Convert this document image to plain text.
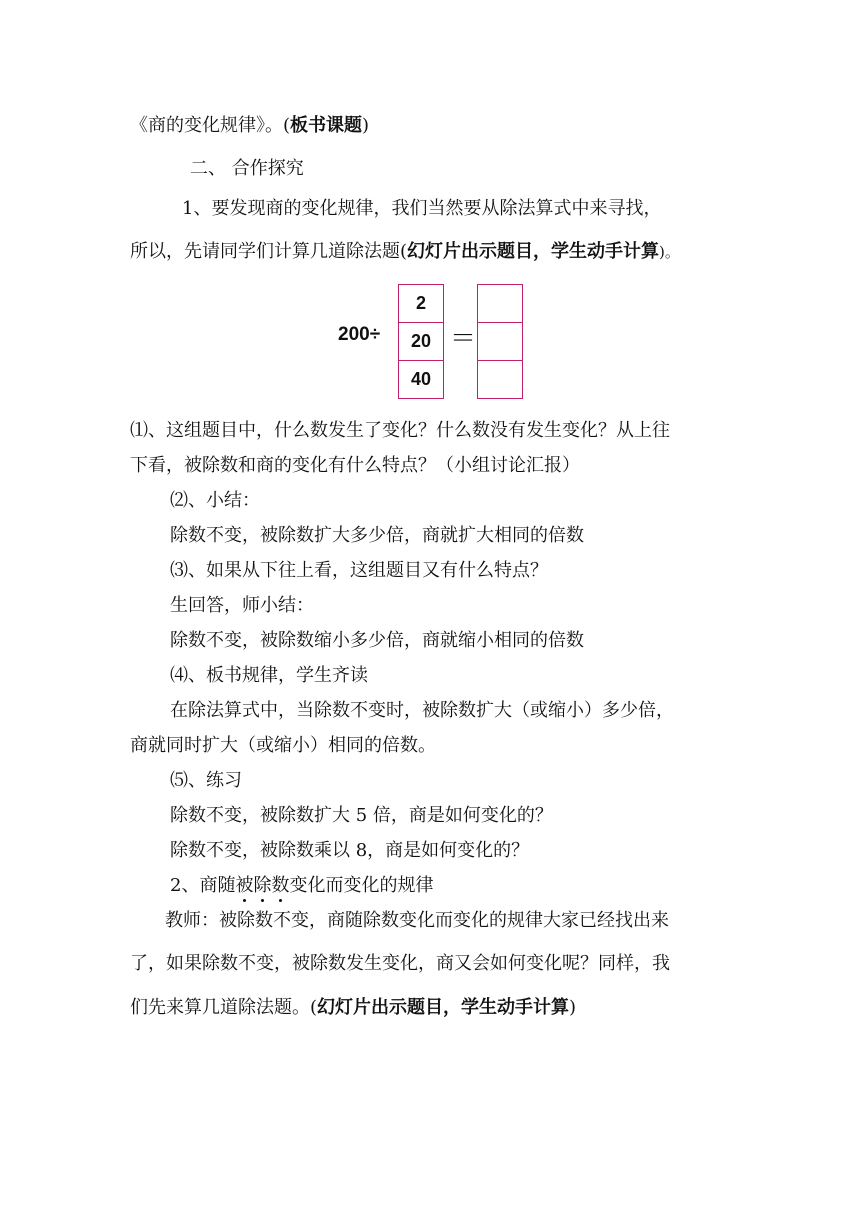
《商的变化规律》。(板书课题)
二、 合作探究
1、要发现商的变化规律，我们当然要从除法算式中来寻找，
所以，先请同学们计算几道除法题(幻灯片出示题目，学生动手计算)。
200÷
2
20
40
＝
⑴、这组题目中，什么数发生了变化？什么数没有发生变化？从上往
下看，被除数和商的变化有什么特点？（小组讨论汇报）
⑵、小结：
除数不变，被除数扩大多少倍，商就扩大相同的倍数
⑶、如果从下往上看，这组题目又有什么特点？
生回答，师小结：
除数不变，被除数缩小多少倍，商就缩小相同的倍数
⑷、板书规律，学生齐读
在除法算式中，当除数不变时，被除数扩大（或缩小）多少倍，
商就同时扩大（或缩小）相同的倍数。
⑸、练习
除数不变，被除数扩大 5 倍，商是如何变化的？
除数不变，被除数乘以 8，商是如何变化的？
2、商随被除数变化而变化的规律
教师：被除数不变，商随除数变化而变化的规律大家已经找出来
了，如果除数不变，被除数发生变化，商又会如何变化呢？同样，我
们先来算几道除法题。(幻灯片出示题目，学生动手计算)
